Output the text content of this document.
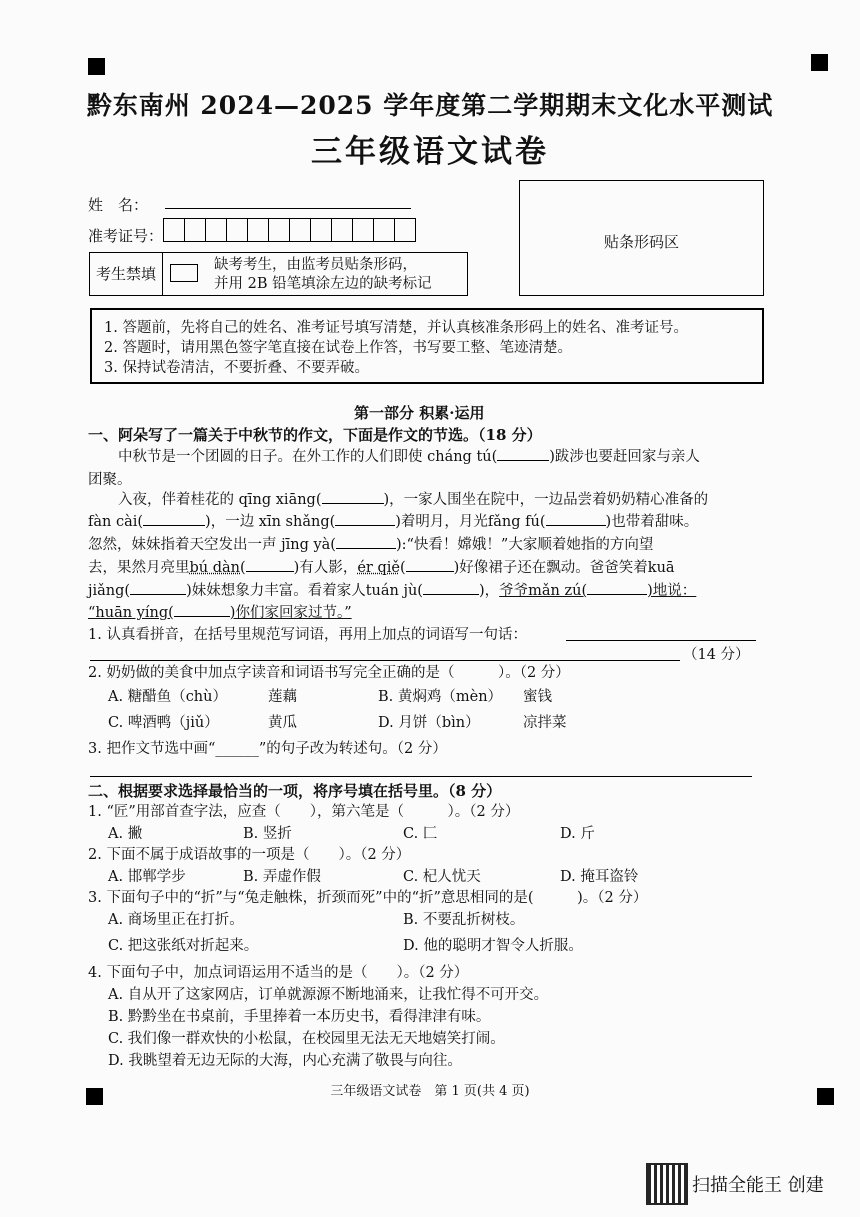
黔东南州 2024—2025 学年度第二学期期末文化水平测试
三年级语文试卷
姓　名：
准考证号：
考生禁填	缺考考生，由监考员贴条形码，
并用 2B 铅笔填涂左边的缺考标记
贴条形码区
1. 答题前，先将自己的姓名、准考证号填写清楚，并认真核准条形码上的姓名、准考证号。
2. 答题时，请用黑色签字笔直接在试卷上作答，书写要工整、笔迹清楚。
3. 保持试卷清洁，不要折叠、不要弄破。
第一部分 积累·运用
一、阿朵写了一篇关于中秋节的作文，下面是作文的节选。（18 分）
中秋节是一个团圆的日子。在外工作的人们即使 cháng tú(	)跋涉也要赶回家与亲人
团聚。
入夜，伴着桂花的 qīng xiāng(	)，一家人围坐在院中，一边品尝着奶奶精心准备的
fàn cài(	)，一边 xīn shǎng(	)着明月，月光fǎng fú(	)也带着甜味。
忽然，妹妹指着天空发出一声 jīng yà(	):“快看！嫦娥！”大家顺着她指的方向望
去，果然月亮里bú dàn(	)有人影，ér qiě(	)好像裙子还在飘动。爸爸笑着kuā
jiǎng(	)妹妹想象力丰富。看着家人tuán jù(	)，爷爷mǎn zú(	)地说：
“huān yíng(	)你们家回家过节。”
1. 认真看拼音，在括号里规范写词语，再用上加点的词语写一句话：
（14 分）
2. 奶奶做的美食中加点字读音和词语书写完全正确的是（　　　）。（2 分）
A. 糖醋鱼（chù）	莲藕	B. 黄焖鸡（mèn） 蜜钱
C. 啤酒鸭（jiǔ）	黄瓜	D. 月饼（bìn）	凉拌菜
3. 把作文节选中画“______”的句子改为转述句。（2 分）
二、根据要求选择最恰当的一项，将序号填在括号里。（8 分）
1. “匠”用部首查字法，应查（　　），第六笔是（　　　）。（2 分）
A. 撇	B. 竖折	C. 匚	D. 斤
2. 下面不属于成语故事的一项是（　　）。（2 分）
A. 邯郸学步	B. 弄虚作假	C. 杞人忧天	D. 掩耳盗铃
3. 下面句子中的“折”与“兔走触株，折颈而死”中的“折”意思相同的是(　　　)。（2 分）
A. 商场里正在打折。	B. 不要乱折树枝。
C. 把这张纸对折起来。	D. 他的聪明才智令人折服。
4. 下面句子中，加点词语运用不适当的是（　　）。（2 分）
A. 自从开了这家网店，订单就源源不断地涌来，让我忙得不可开交。
B. 黔黔坐在书桌前，手里捧着一本历史书，看得津津有味。
C. 我们像一群欢快的小松鼠，在校园里无法无天地嬉笑打闹。
D. 我眺望着无边无际的大海，内心充满了敬畏与向往。
三年级语文试卷　第 1 页(共 4 页)
扫描全能王 创建
